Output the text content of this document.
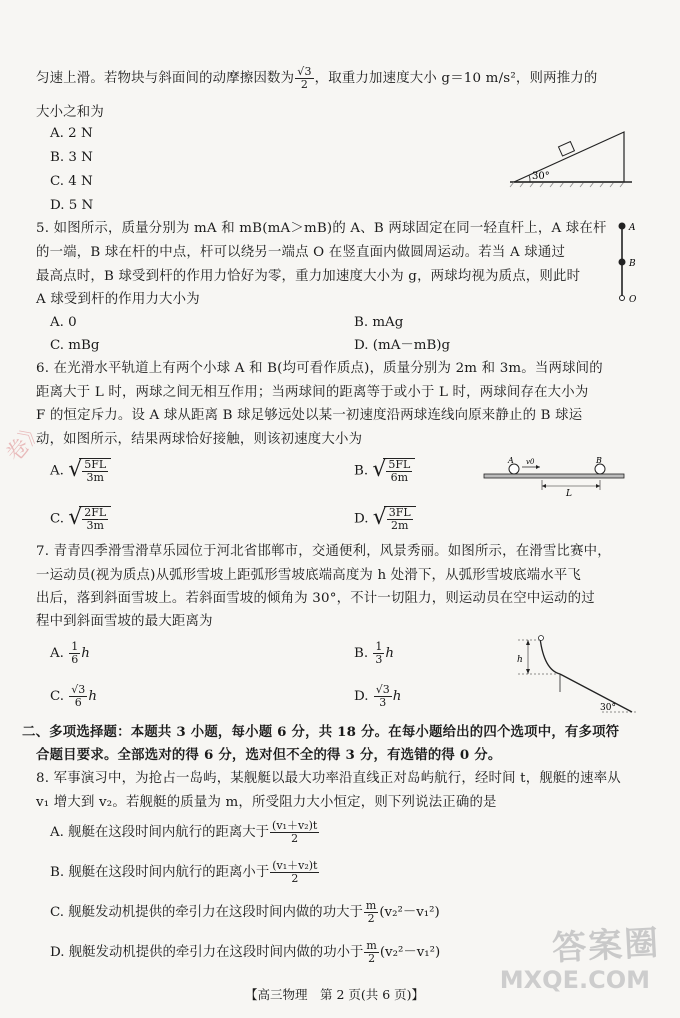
匀速上滑。若物块与斜面间的动摩擦因数为 $\frac{√3}{2}$ ，取重力加速度大小 g＝10 m/s²，则两推力的
大小之和为
A. 2 N
B. 3 N
C. 4 N
D. 5 N
30°
5. 如图所示，质量分别为 mA 和 mB(mA＞mB)的 A、B 两球固定在同一轻直杆上，A 球在杆
的一端，B 球在杆的中点，杆可以绕另一端点 O 在竖直面内做圆周运动。若当 A 球通过
最高点时，B 球受到杆的作用力恰好为零，重力加速度大小为 g，两球均视为质点，则此时
A 球受到杆的作用力大小为
A. 0	B. mAg
C. mBg	D. (mA－mB)g
A
B
O
6. 在光滑水平轨道上有两个小球 A 和 B(均可看作质点)，质量分别为 2m 和 3m。当两球间的
距离大于 L 时，两球之间无相互作用；当两球间的距离等于或小于 L 时，两球间存在大小为
F 的恒定斥力。设 A 球从距离 B 球足够远处以某一初速度沿两球连线向原来静止的 B 球运
动，如图所示，结果两球恰好接触，则该初速度大小为
A. √ $\frac{5FL}{3m}$	B. √ $\frac{5FL}{6m}$
C. √ $\frac{2FL}{3m}$	D. √ $\frac{3FL}{2m}$
A v0	B
L
7. 青青四季滑雪滑草乐园位于河北省邯郸市，交通便利，风景秀丽。如图所示，在滑雪比赛中，
一运动员(视为质点)从弧形雪坡上距弧形雪坡底端高度为 h 处滑下，从弧形雪坡底端水平飞
出后，落到斜面雪坡上。若斜面雪坡的倾角为 30°，不计一切阻力，则运动员在空中运动的过
程中到斜面雪坡的最大距离为
A. $\frac{1}{6}$ h	B. $\frac{1}{3}$ h
C. $\frac{√3}{6}$ h	D. $\frac{√3}{3}$ h
h
30°
二、多项选择题：本题共 3 小题，每小题 6 分，共 18 分。在每小题给出的四个选项中，有多项符
合题目要求。全部选对的得 6 分，选对但不全的得 3 分，有选错的得 0 分。
8. 军事演习中，为抢占一岛屿，某舰艇以最大功率沿直线正对岛屿航行，经时间 t，舰艇的速率从
v₁ 增大到 v₂。若舰艇的质量为 m，所受阻力大小恒定，则下列说法正确的是
A. 舰艇在这段时间内航行的距离大于 $\frac{\text{(v₁＋v₂)t}}{2}$
B. 舰艇在这段时间内航行的距离小于 $\frac{\text{(v₁＋v₂)t}}{2}$
C. 舰艇发动机提供的牵引力在这段时间内做的功大于 $\frac{m}{2} (v_2^2-v_1^2)$
D. 舰艇发动机提供的牵引力在这段时间内做的功小于 $\frac{m}{2} (v_2^2-v_1^2)$
【高三物理　第 2 页(共 6 页)】
答案圈
MXQE.COM
卷》
